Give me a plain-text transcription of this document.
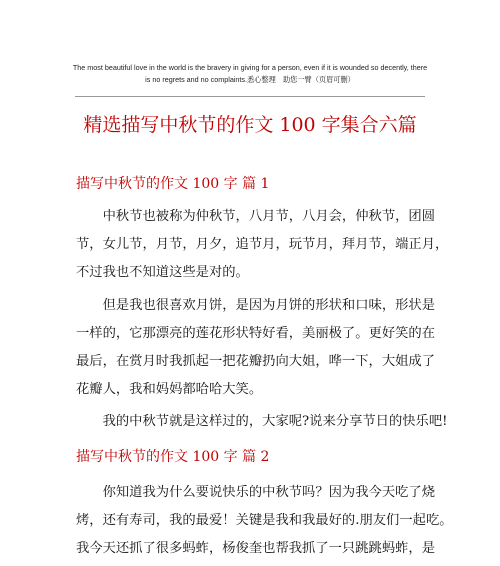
The most beautiful love in the world is the bravery in giving for a person, even if it is wounded so decently, there
is no regrets and no complaints.悉心整理　助您一臂（页眉可删）
精选描写中秋节的作文 100 字集合六篇
描写中秋节的作文 100 字 篇 1
　　中秋节也被称为仲秋节，八月节，八月会，仲秋节，团圆
节，女儿节，月节，月夕，追节月，玩节月，拜月节，端正月，
不过我也不知道这些是对的。
　　但是我也很喜欢月饼，是因为月饼的形状和口味，形状是
一样的，它那漂亮的莲花形状特好看，美丽极了。更好笑的在
最后，在赏月时我抓起一把花瓣扔向大姐，哗一下，大姐成了
花瓣人，我和妈妈都哈哈大笑。
　　我的中秋节就是这样过的，大家呢?说来分享节日的快乐吧!
描写中秋节的作文 100 字 篇 2
　　你知道我为什么要说快乐的中秋节吗？因为我今天吃了烧
烤，还有寿司，我的最爱！关键是我和我最好的.朋友们一起吃。
我今天还抓了很多蚂蚱，杨俊奎也帮我抓了一只跳跳蚂蚱，是
